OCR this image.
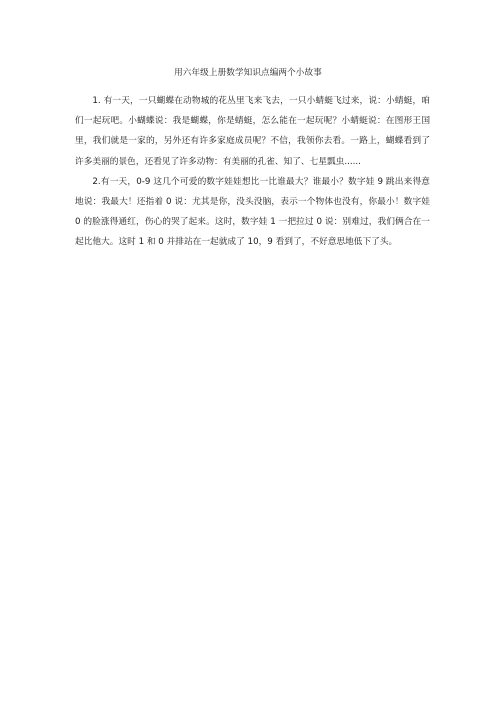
用六年级上册数学知识点编两个小故事

1. 有一天，一只蝴蝶在动物城的花丛里飞来飞去，一只小蜻蜓飞过来，说：小蜻蜓，咱们一起玩吧。小蝴蝶说：我是蝴蝶，你是蜻蜓，怎么能在一起玩呢？小蜻蜓说：在图形王国里，我们就是一家的，另外还有许多家庭成员呢？不信，我领你去看。一路上，蝴蝶看到了许多美丽的景色，还看见了许多动物：有美丽的孔雀、知了、七星瓢虫......

2.有一天，0-9 这几个可爱的数字娃娃想比一比谁最大？谁最小？数字娃 9 跳出来得意地说：我最大！还指着 0 说：尤其是你，没头没脑，表示一个物体也没有，你最小！数字娃 0 的脸涨得通红，伤心的哭了起来。这时，数字娃 1 一把拉过 0 说：别难过，我们俩合在一起比他大。这时 1 和 0 并排站在一起就成了 10，9 看到了，不好意思地低下了头。
